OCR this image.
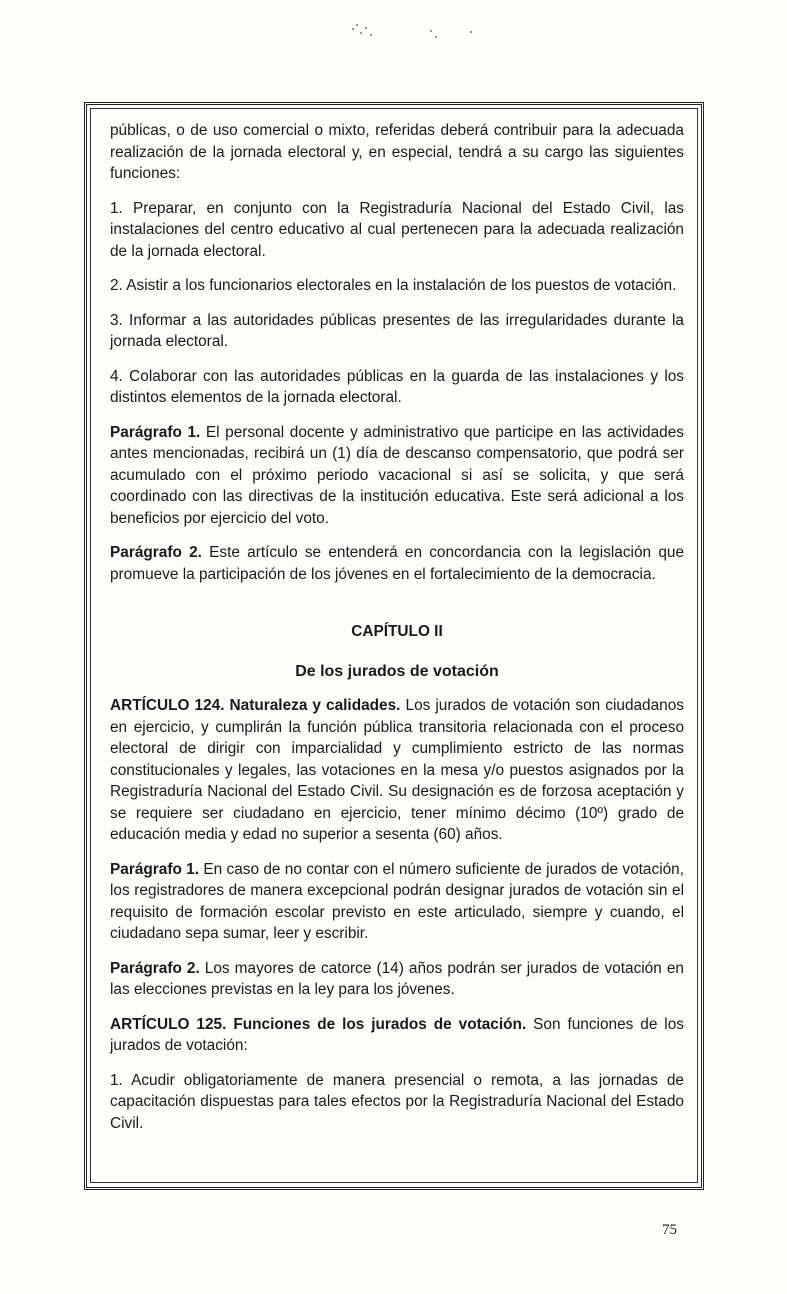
públicas, o de uso comercial o mixto, referidas deberá contribuir para la adecuada realización de la jornada electoral y, en especial, tendrá a su cargo las siguientes funciones:

1. Preparar, en conjunto con la Registraduría Nacional del Estado Civil, las instalaciones del centro educativo al cual pertenecen para la adecuada realización de la jornada electoral.

2. Asistir a los funcionarios electorales en la instalación de los puestos de votación.

3. Informar a las autoridades públicas presentes de las irregularidades durante la jornada electoral.

4. Colaborar con las autoridades públicas en la guarda de las instalaciones y los distintos elementos de la jornada electoral.

Parágrafo 1. El personal docente y administrativo que participe en las actividades antes mencionadas, recibirá un (1) día de descanso compensatorio, que podrá ser acumulado con el próximo periodo vacacional si así se solicita, y que será coordinado con las directivas de la institución educativa. Este será adicional a los beneficios por ejercicio del voto.

Parágrafo 2. Este artículo se entenderá en concordancia con la legislación que promueve la participación de los jóvenes en el fortalecimiento de la democracia.

CAPÍTULO II

De los jurados de votación

ARTÍCULO 124. Naturaleza y calidades. Los jurados de votación son ciudadanos en ejercicio, y cumplirán la función pública transitoria relacionada con el proceso electoral de dirigir con imparcialidad y cumplimiento estricto de las normas constitucionales y legales, las votaciones en la mesa y/o puestos asignados por la Registraduría Nacional del Estado Civil. Su designación es de forzosa aceptación y se requiere ser ciudadano en ejercicio, tener mínimo décimo (10º) grado de educación media y edad no superior a sesenta (60) años.

Parágrafo 1. En caso de no contar con el número suficiente de jurados de votación, los registradores de manera excepcional podrán designar jurados de votación sin el requisito de formación escolar previsto en este articulado, siempre y cuando, el ciudadano sepa sumar, leer y escribir.

Parágrafo 2. Los mayores de catorce (14) años podrán ser jurados de votación en las elecciones previstas en la ley para los jóvenes.

ARTÍCULO 125. Funciones de los jurados de votación. Son funciones de los jurados de votación:

1. Acudir obligatoriamente de manera presencial o remota, a las jornadas de capacitación dispuestas para tales efectos por la Registraduría Nacional del Estado Civil.

75
